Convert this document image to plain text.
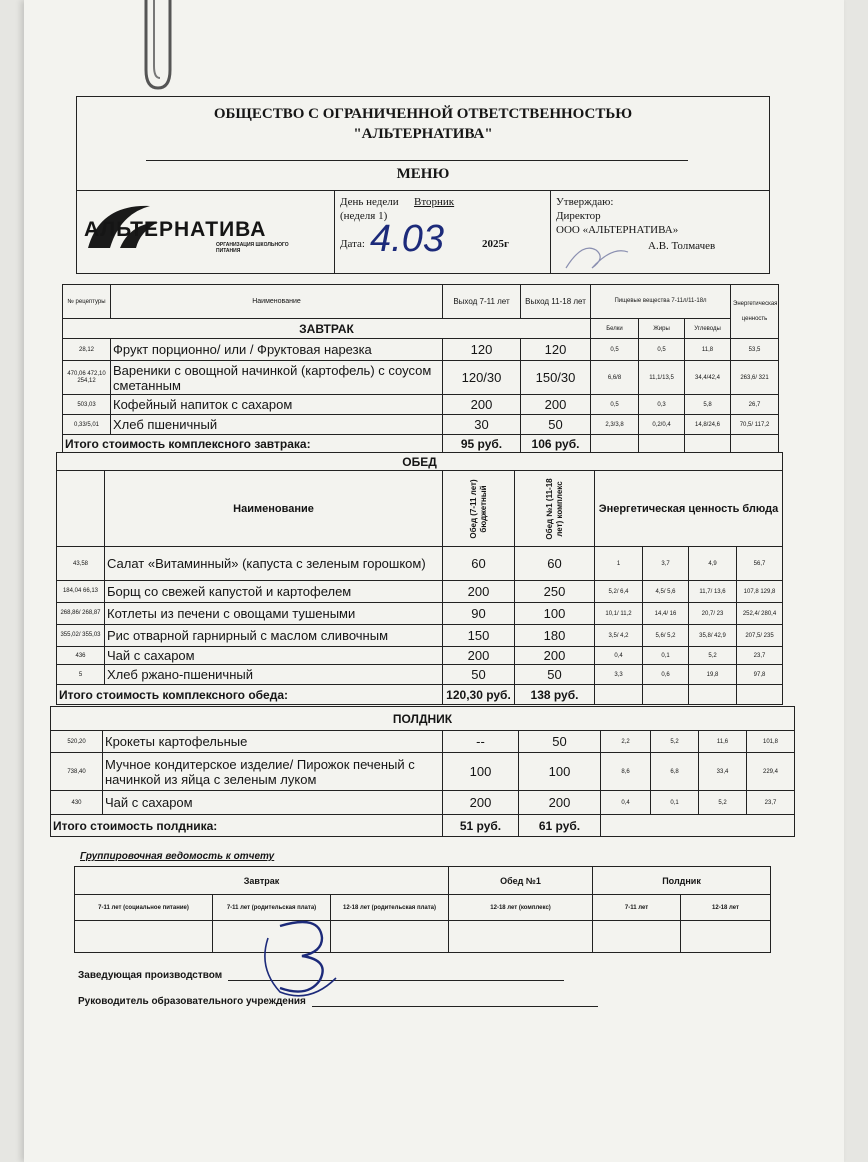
ОБЩЕСТВО С ОГРАНИЧЕННОЙ ОТВЕТСТВЕННОСТЬЮ
"АЛЬТЕРНАТИВА"
МЕНЮ
АЛЬТЕРНАТИВА
ОРГАНИЗАЦИЯ ШКОЛЬНОГО ПИТАНИЯ
День недели Вторник
(неделя 1)
Дата: 4.03	2025г
Утверждаю:
Директор
ООО «АЛЬТЕРНАТИВА»
А.В. Толмачев
№ рецептуры	Наименование	Выход 7-11 лет	Выход 11-18 лет	Пищевые вещества 7-11л/11-18л			Энергетическая ценность
ЗАВТРАК				Белки	Жиры	Углеводы	
28,12	Фрукт порционно/ или / Фруктовая нарезка	120	120	0,5	0,5	11,8	53,5
470,06 472,10 254,12	Вареники с овощной начинкой (картофель) с соусом сметанным	120/30	150/30	6,6/8	11,1/13,5	34,4/42,4	263,6/ 321
503,03	Кофейный напиток с сахаром	200	200	0,5	0,3	5,8	26,7
0,33/5,01	Хлеб пшеничный	30	50	2,3/3,8	0,2/0,4	14,8/24,6	70,5/ 117,2
Итого стоимость комплексного завтрака:		95 руб.	106 руб.				
ОБЕД							
	Наименование	Обед (7-11 лет) бюджетный	Обед №1 (11-18 лет) комплекс	Энергетическая ценность блюда			
43,58	Салат «Витаминный» (капуста с зеленым горошком)	60	60	1	3,7	4,9	56,7
184,04 66,13	Борщ со свежей капустой и картофелем	200	250	5,2/ 6,4	4,5/ 5,6	11,7/ 13,6	107,8 129,8
268,86/ 268,87	Котлеты из печени с овощами тушеными	90	100	10,1/ 11,2	14,4/ 16	20,7/ 23	252,4/ 280,4
355,02/ 355,03	Рис отварной гарнирный с маслом сливочным	150	180	3,5/ 4,2	5,6/ 5,2	35,8/ 42,9	207,5/ 235
436	Чай с сахаром	200	200	0,4	0,1	5,2	23,7
5	Хлеб ржано-пшеничный	50	50	3,3	0,6	19,8	97,8
Итого стоимость комплексного обеда:		120,30 руб.	138 руб.				
ПОЛДНИК							
520,20	Крокеты картофельные	--	50	2,2	5,2	11,6	101,8
738,40	Мучное кондитерское изделие/ Пирожок печеный с начинкой из яйца с зеленым луком	100	100	8,6	6,8	33,4	229,4
430	Чай с сахаром	200	200	0,4	0,1	5,2	23,7
Итого стоимость полдника:		51 руб.	61 руб.				
Группировочная ведомость к отчету
Завтрак			Обед №1	Полдник	
7-11 лет (социальное питание)	7-11 лет (родительская плата)	12-18 лет (родительская плата)	12-18 лет (комплекс)	7-11 лет	12-18 лет

Заведующая производством
Руководитель образовательного учреждения
